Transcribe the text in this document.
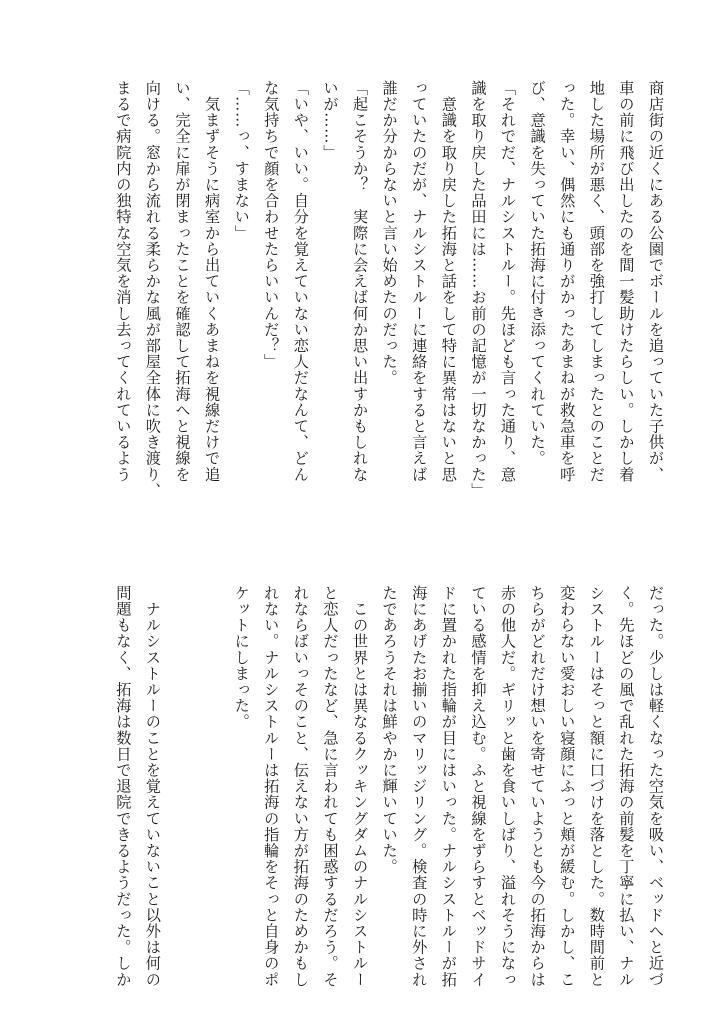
商店街の近くにある公園でボールを追っていた子供が、
車の前に飛び出したのを間一髪助けたらしい。しかし着
地した場所が悪く、頭部を強打してしまったとのことだ
った。幸い、偶然にも通りがかったあまねが救急車を呼
び、意識を失っていた拓海に付き添ってくれていた。
「それでだ、ナルシストルー。先ほども言った通り、意
識を取り戻した品田には……お前の記憶が一切なかった」
　意識を取り戻した拓海と話をして特に異常はないと思
っていたのだが、ナルシストルーに連絡をすると言えば
誰だか分からないと言い始めたのだった。
「起こそうか？　実際に会えば何か思い出すかもしれな
いが……」
「いや、いい。自分を覚えていない恋人だなんて、どん
な気持ちで顔を合わせたらいいんだ？」
「……っ、すまない」
　気まずそうに病室から出ていくあまねを視線だけで追
い、完全に扉が閉まったことを確認して拓海へと視線を
向ける。窓から流れる柔らかな風が部屋全体に吹き渡り、
まるで病院内の独特な空気を消し去ってくれているよう
だった。少しは軽くなった空気を吸い、ベッドへと近づ
く。先ほどの風で乱れた拓海の前髪を丁寧に払い、ナル
シストルーはそっと額に口づけを落とした。数時間前と
変わらない愛おしい寝顔にふっと頬が緩む。しかし、こ
ちらがどれだけ想いを寄せていようとも今の拓海からは
赤の他人だ。ギリッと歯を食いしばり、溢れそうになっ
ている感情を抑え込む。ふと視線をずらすとベッドサイ
ドに置かれた指輪が目にはいった。ナルシストルーが拓
海にあげたお揃いのマリッジリング。検査の時に外され
たであろうそれは鮮やかに輝いていた。
　この世界とは異なるクッキングダムのナルシストルー
と恋人だったなど、急に言われても困惑するだろう。そ
れならばいっそのこと、伝えない方が拓海のためかもし
れない。ナルシストルーは拓海の指輪をそっと自身のポ
ケットにしまった。

　ナルシストルーのことを覚えていないこと以外は何の
問題もなく、拓海は数日で退院できるようだった。しか
